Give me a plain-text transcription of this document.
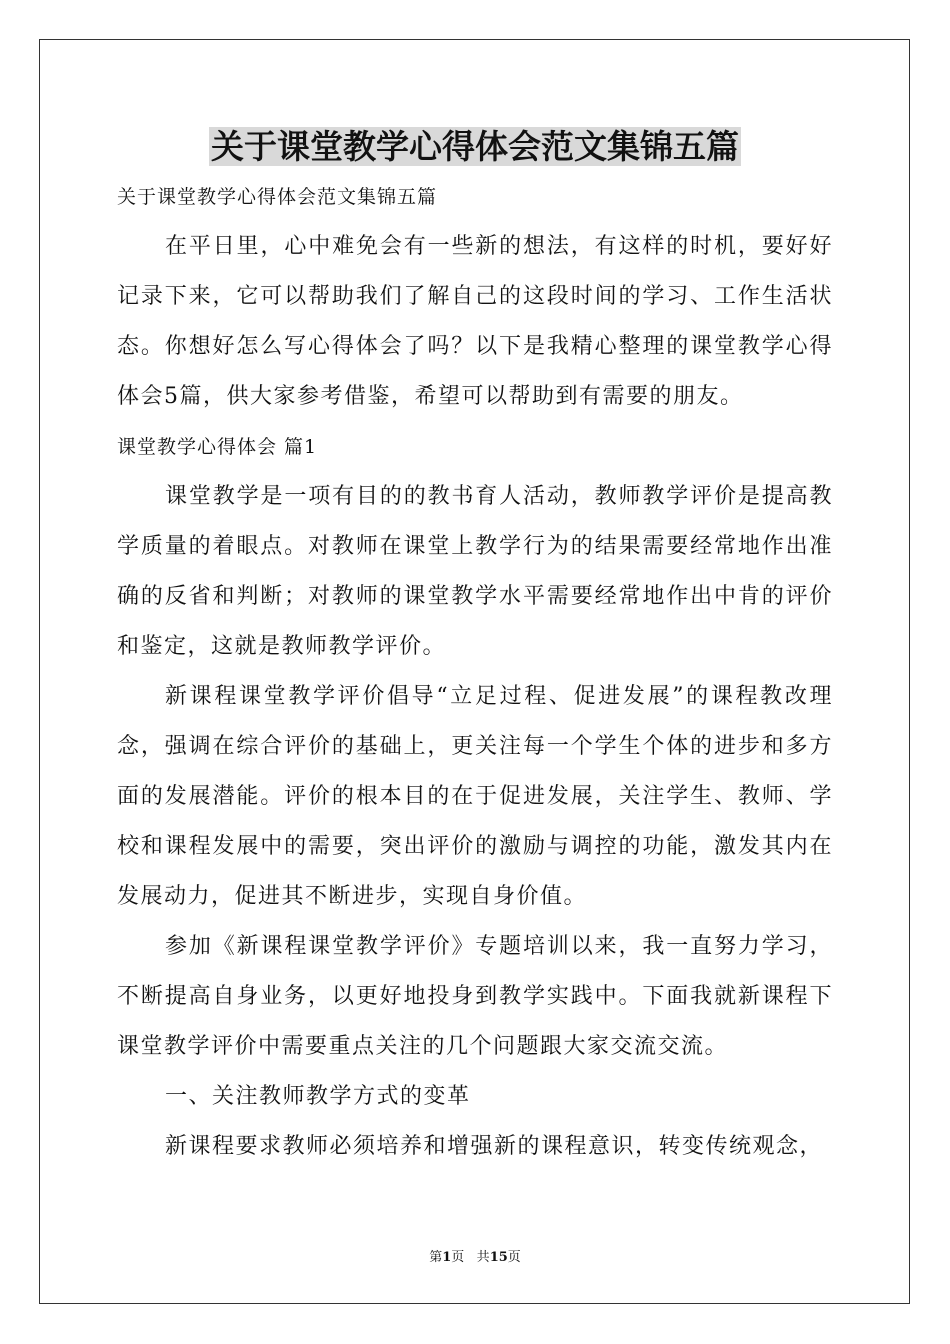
关于课堂教学心得体会范文集锦五篇

关于课堂教学心得体会范文集锦五篇

在平日里，心中难免会有一些新的想法，有这样的时机，要好好记录下来，它可以帮助我们了解自己的这段时间的学习、工作生活状态。你想好怎么写心得体会了吗？以下是我精心整理的课堂教学心得体会5篇，供大家参考借鉴，希望可以帮助到有需要的朋友。

课堂教学心得体会 篇1

课堂教学是一项有目的的教书育人活动，教师教学评价是提高教学质量的着眼点。对教师在课堂上教学行为的结果需要经常地作出准确的反省和判断；对教师的课堂教学水平需要经常地作出中肯的评价和鉴定，这就是教师教学评价。

新课程课堂教学评价倡导“立足过程、促进发展”的课程教改理念，强调在综合评价的基础上，更关注每一个学生个体的进步和多方面的发展潜能。评价的根本目的在于促进发展，关注学生、教师、学校和课程发展中的需要，突出评价的激励与调控的功能，激发其内在发展动力，促进其不断进步，实现自身价值。

参加《新课程课堂教学评价》专题培训以来，我一直努力学习，不断提高自身业务，以更好地投身到教学实践中。下面我就新课程下课堂教学评价中需要重点关注的几个问题跟大家交流交流。

一、关注教师教学方式的变革

新课程要求教师必须培养和增强新的课程意识，转变传统观念，

第1页 共15页
